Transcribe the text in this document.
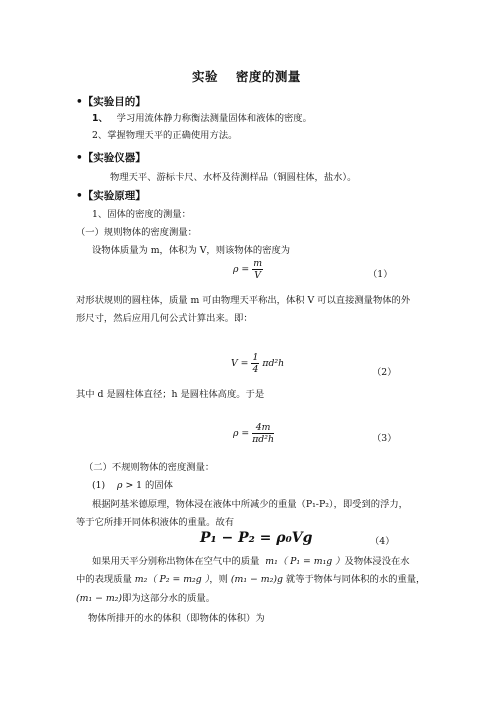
实验 　密度的测量
•【实验目的】
1、 学习用流体静力称衡法测量固体和液体的密度。
2、掌握物理天平的正确使用方法。
•【实验仪器】
物理天平、游标卡尺、水杯及待测样品（铜圆柱体，盐水）。
•【实验原理】
1、固体的密度的测量：
（一）规则物体的密度测量：
设物体质量为 m，体积为 V，则该物体的密度为
$\rho = \frac{m}{V}$	（1）
对形状规则的圆柱体，质量 m 可由物理天平称出，体积 V 可以直接测量物体的外
形尺寸，然后应用几何公式计算出来。即：
$V = \frac{1}{4} \pi d^2h$
（2）
其中 d 是圆柱体直径；h 是圆柱体高度。于是
$\rho = \frac{4m}{\text{πd²h}}$	（3）
（二）不规则物体的密度测量：
(1) ρ > 1 的固体
根据阿基米德原理，物体浸在液体中所减少的重量（P₁-P₂），即受到的浮力，
等于它所排开同体积液体的重量。故有
P₁ − P₂ = ρ₀Vg	（4）
如果用天平分别称出物体在空气中的质量 m₁（ P₁ = m₁g ）及物体浸没在水
中的表现质量 m₂（ P₂ = m₂g ），则 (m₁ − m₂)g 就等于物体与同体积的水的重量，
(m₁ − m₂)即为这部分水的质量。
物体所排开的水的体积（即物体的体积）为
